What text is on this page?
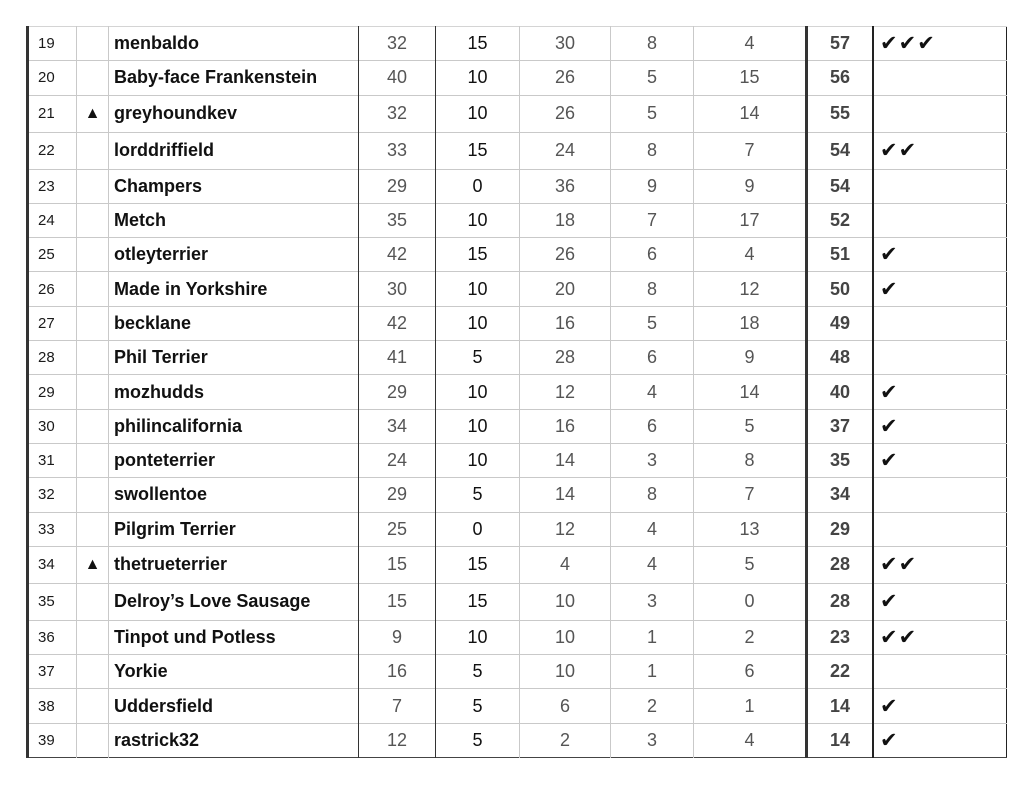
19		menbaldo	32	15	30	8	4	57	✔✔✔
20		Baby-face Frankenstein	40	10	26	5	15	56	
21	▲	greyhoundkev	32	10	26	5	14	55	
22		lorddriffield	33	15	24	8	7	54	✔✔
23		Champers	29	0	36	9	9	54	
24		Metch	35	10	18	7	17	52	
25		otleyterrier	42	15	26	6	4	51	✔
26		Made in Yorkshire	30	10	20	8	12	50	✔
27		becklane	42	10	16	5	18	49	
28		Phil Terrier	41	5	28	6	9	48	
29		mozhudds	29	10	12	4	14	40	✔
30		philincalifornia	34	10	16	6	5	37	✔
31		ponteterrier	24	10	14	3	8	35	✔
32		swollentoe	29	5	14	8	7	34	
33		Pilgrim Terrier	25	0	12	4	13	29	
34	▲	thetrueterrier	15	15	4	4	5	28	✔✔
35		Delroy’s Love Sausage	15	15	10	3	0	28	✔
36		Tinpot und Potless	9	10	10	1	2	23	✔✔
37		Yorkie	16	5	10	1	6	22	
38		Uddersfield	7	5	6	2	1	14	✔
39		rastrick32	12	5	2	3	4	14	✔
